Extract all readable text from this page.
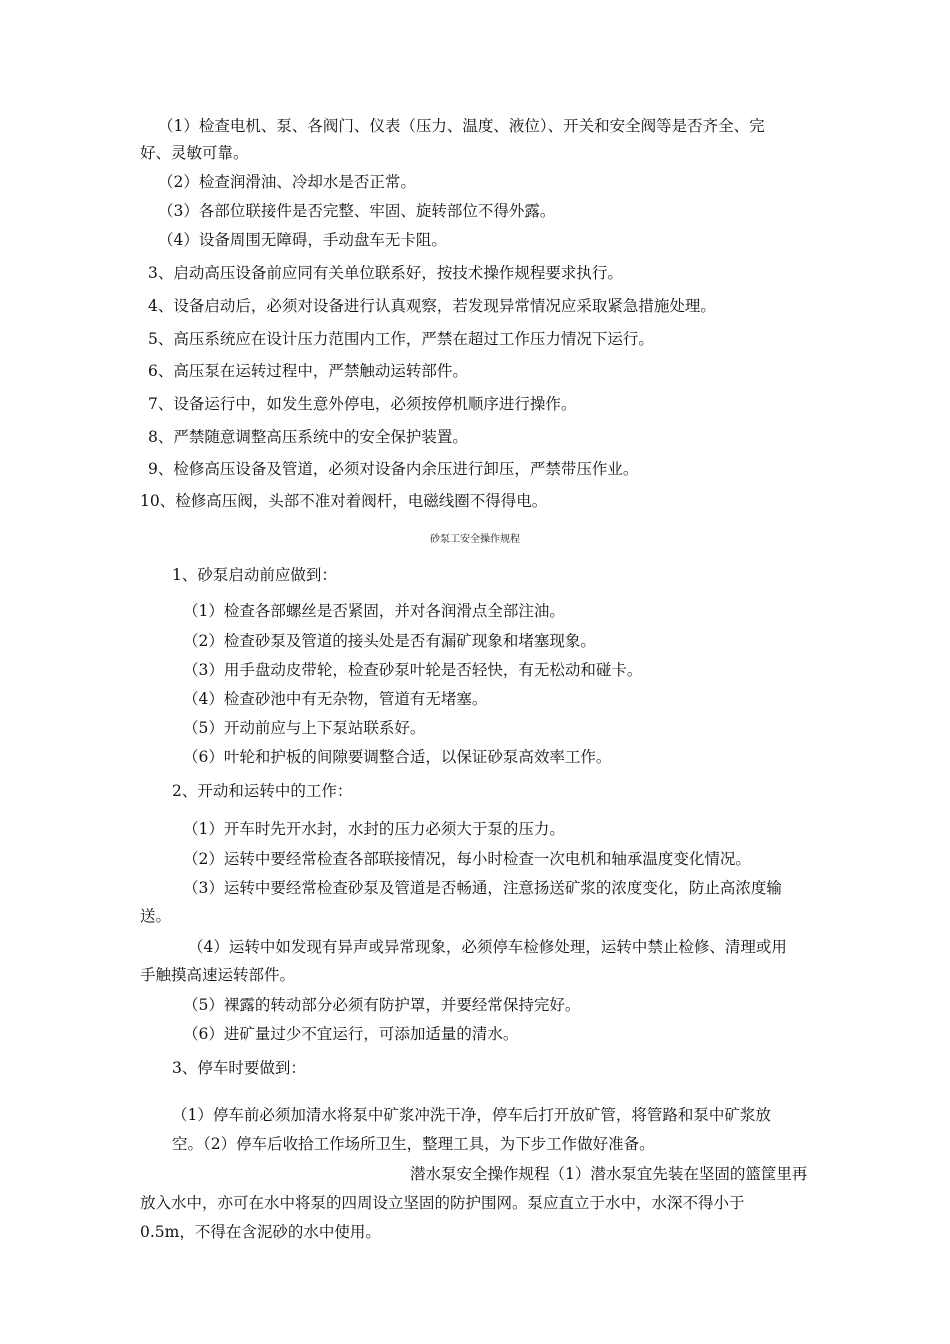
（1）检查电机、泵、各阀门、仪表（压力、温度、液位）、开关和安全阀等是否齐全、完
好、灵敏可靠。
（2）检查润滑油、冷却水是否正常。
（3）各部位联接件是否完整、牢固、旋转部位不得外露。
（4）设备周围无障碍，手动盘车无卡阻。
3、启动高压设备前应同有关单位联系好，按技术操作规程要求执行。
4、设备启动后，必须对设备进行认真观察，若发现异常情况应采取紧急措施处理。
5、高压系统应在设计压力范围内工作，严禁在超过工作压力情况下运行。
6、高压泵在运转过程中，严禁触动运转部件。
7、设备运行中，如发生意外停电，必须按停机顺序进行操作。
8、严禁随意调整高压系统中的安全保护装置。
9、检修高压设备及管道，必须对设备内余压进行卸压，严禁带压作业。
10、检修高压阀，头部不准对着阀杆，电磁线圈不得得电。
砂泵工安全操作规程
1、砂泵启动前应做到：
（1）检查各部螺丝是否紧固，并对各润滑点全部注油。
（2）检查砂泵及管道的接头处是否有漏矿现象和堵塞现象。
（3）用手盘动皮带轮，检查砂泵叶轮是否轻快，有无松动和碰卡。
（4）检查砂池中有无杂物，管道有无堵塞。
（5）开动前应与上下泵站联系好。
（6）叶轮和护板的间隙要调整合适，以保证砂泵高效率工作。
2、开动和运转中的工作：
（1）开车时先开水封，水封的压力必须大于泵的压力。
（2）运转中要经常检查各部联接情况，每小时检查一次电机和轴承温度变化情况。
（3）运转中要经常检查砂泵及管道是否畅通，注意扬送矿浆的浓度变化，防止高浓度输
送。
（4）运转中如发现有异声或异常现象，必须停车检修处理，运转中禁止检修、清理或用
手触摸高速运转部件。
（5）裸露的转动部分必须有防护罩，并要经常保持完好。
（6）进矿量过少不宜运行，可添加适量的清水。
3、停车时要做到：
（1）停车前必须加清水将泵中矿浆冲洗干净，停车后打开放矿管，将管路和泵中矿浆放
空。（2）停车后收拾工作场所卫生，整理工具，为下步工作做好准备。
潜水泵安全操作规程（1）潜水泵宜先装在坚固的篮筐里再
放入水中，亦可在水中将泵的四周设立坚固的防护围网。泵应直立于水中，水深不得小于
0.5m，不得在含泥砂的水中使用。
